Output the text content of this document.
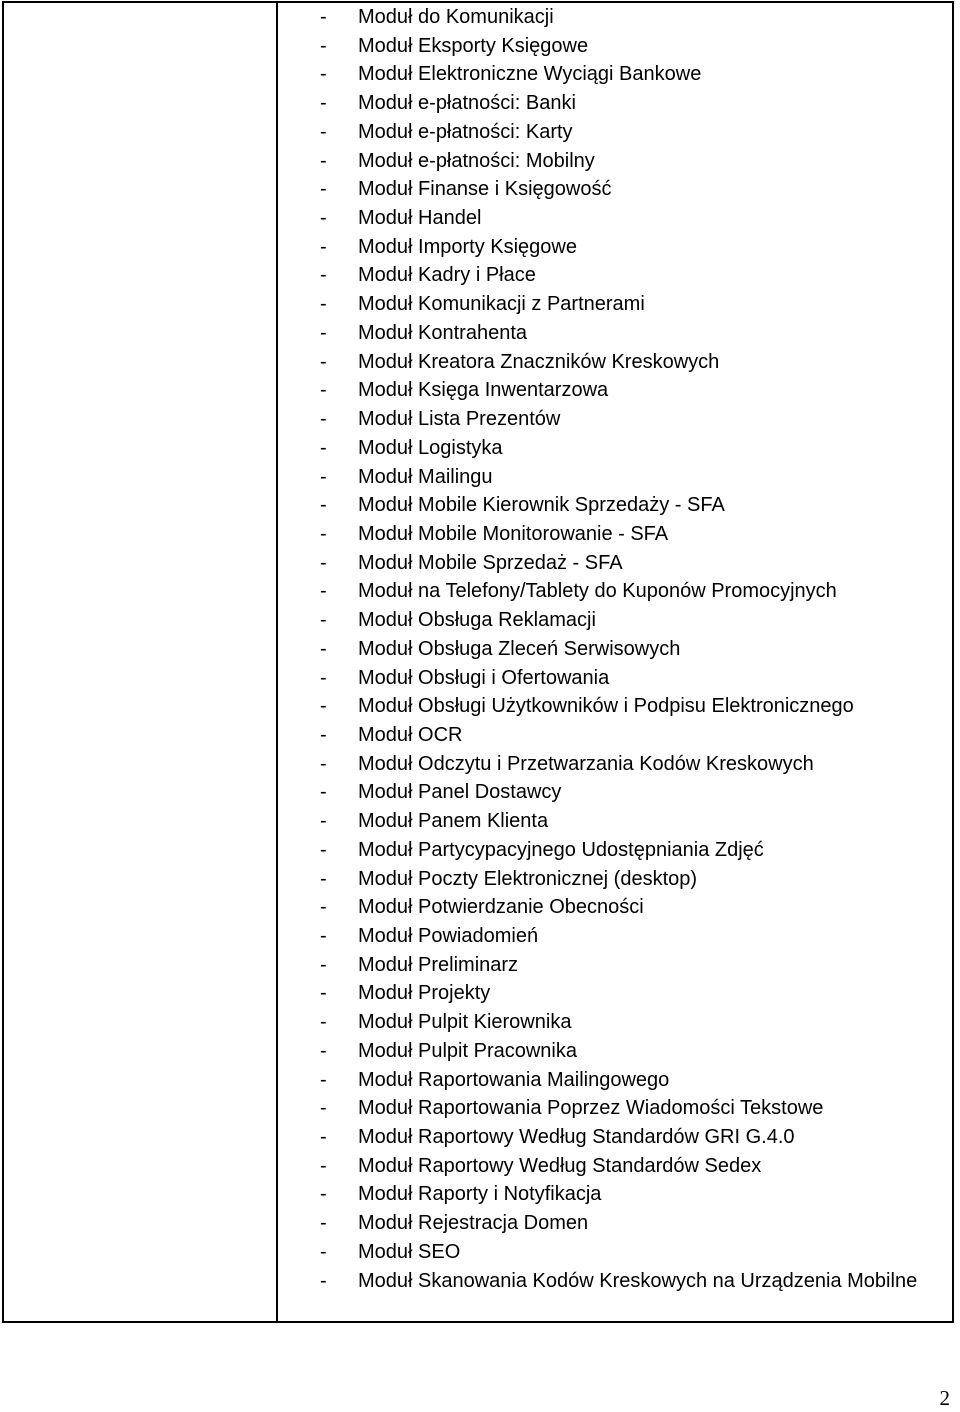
- Moduł do Komunikacji
- Moduł Eksporty Księgowe
- Moduł Elektroniczne Wyciągi Bankowe
- Moduł e-płatności: Banki
- Moduł e-płatności: Karty
- Moduł e-płatności: Mobilny
- Moduł Finanse i Księgowość
- Moduł Handel
- Moduł Importy Księgowe
- Moduł Kadry i Płace
- Moduł Komunikacji z Partnerami
- Moduł Kontrahenta
- Moduł Kreatora Znaczników Kreskowych
- Moduł Księga Inwentarzowa
- Moduł Lista Prezentów
- Moduł Logistyka
- Moduł Mailingu
- Moduł Mobile Kierownik Sprzedaży - SFA
- Moduł Mobile Monitorowanie - SFA
- Moduł Mobile Sprzedaż - SFA
- Moduł na Telefony/Tablety do Kuponów Promocyjnych
- Moduł Obsługa Reklamacji
- Moduł Obsługa Zleceń Serwisowych
- Moduł Obsługi i Ofertowania
- Moduł Obsługi Użytkowników i Podpisu Elektronicznego
- Moduł OCR
- Moduł Odczytu i Przetwarzania Kodów Kreskowych
- Moduł Panel Dostawcy
- Moduł Panem Klienta
- Moduł Partycypacyjnego Udostępniania Zdjęć
- Moduł Poczty Elektronicznej (desktop)
- Moduł Potwierdzanie Obecności
- Moduł Powiadomień
- Moduł Preliminarz
- Moduł Projekty
- Moduł Pulpit Kierownika
- Moduł Pulpit Pracownika
- Moduł Raportowania Mailingowego
- Moduł Raportowania Poprzez Wiadomości Tekstowe
- Moduł Raportowy Według Standardów GRI G.4.0
- Moduł Raportowy Według Standardów Sedex
- Moduł Raporty i Notyfikacja
- Moduł Rejestracja Domen
- Moduł SEO
- Moduł Skanowania Kodów Kreskowych na Urządzenia Mobilne
2
